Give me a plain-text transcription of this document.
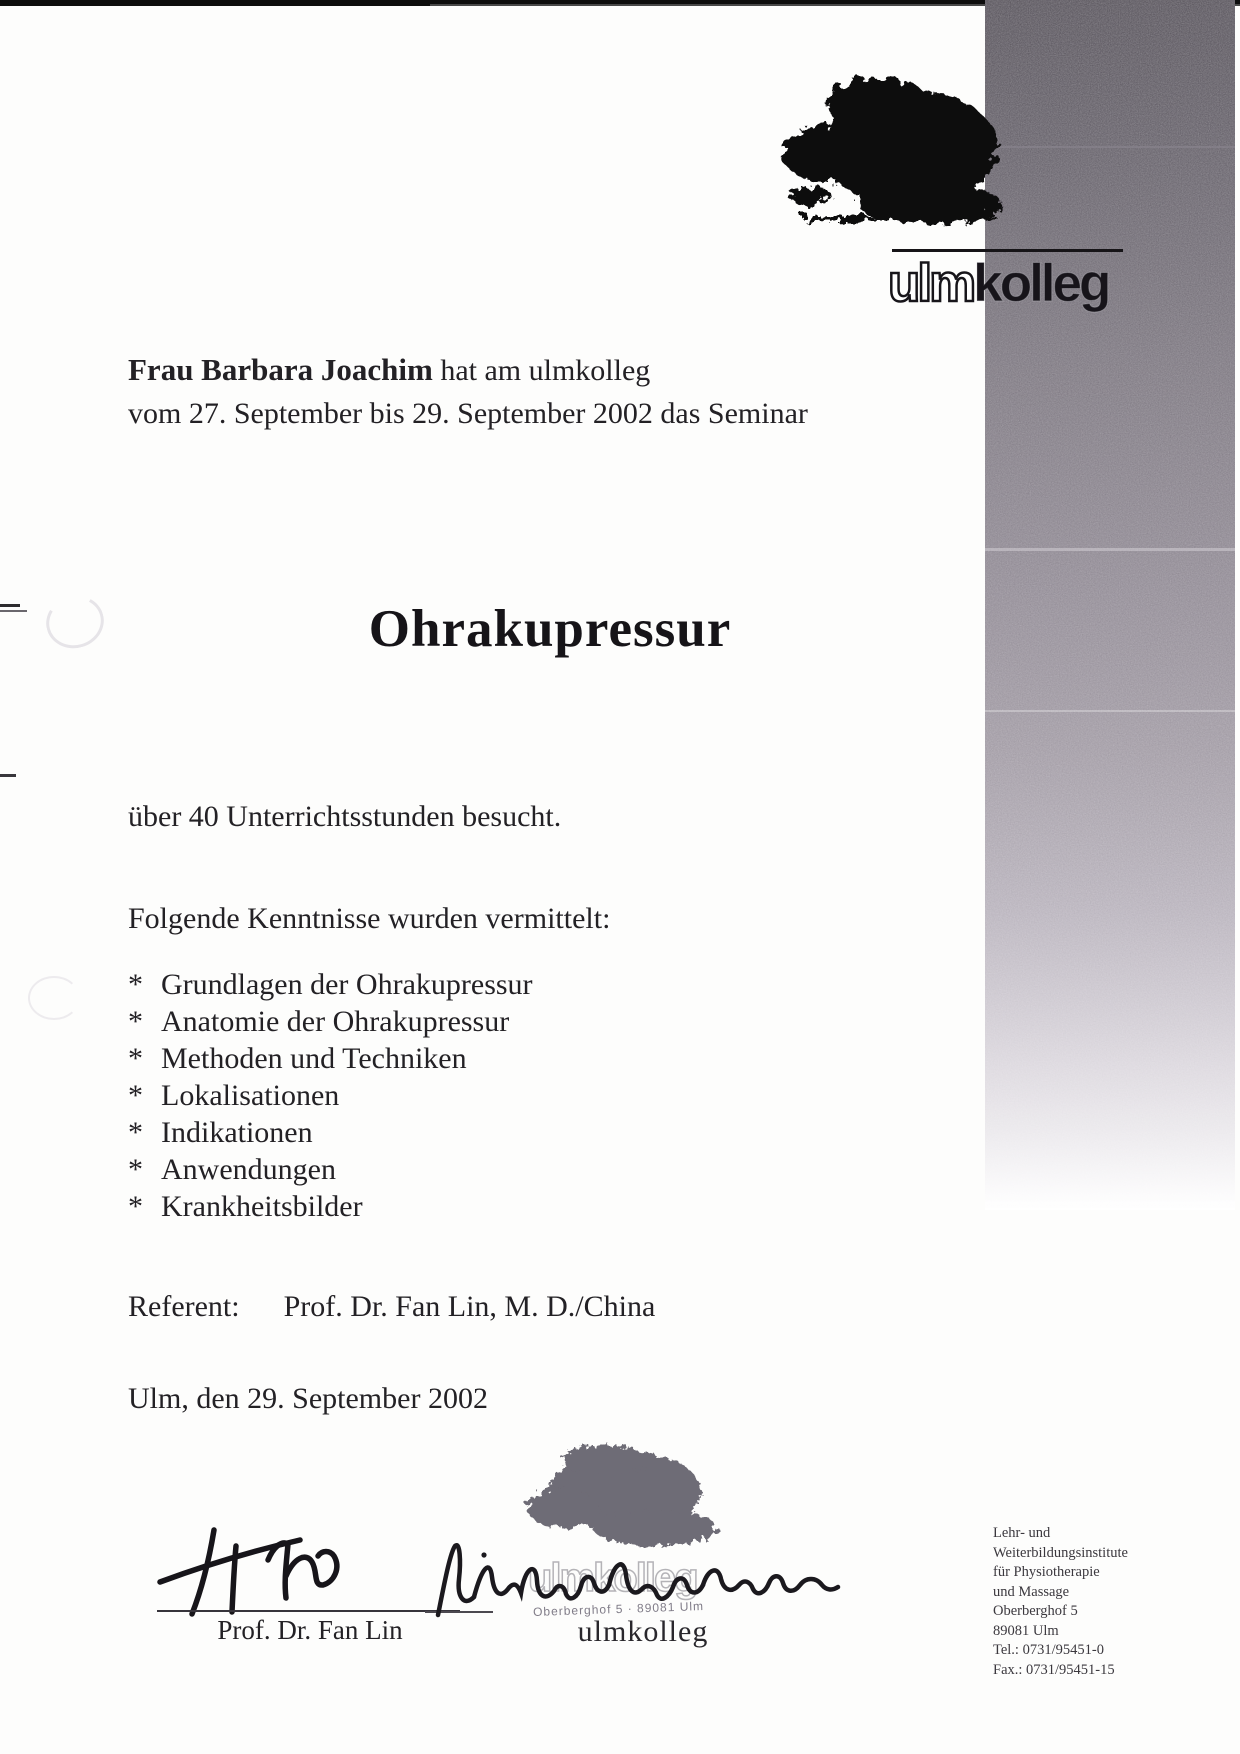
ulmkolleg
Frau Barbara Joachim hat am ulmkolleg
vom 27. September bis 29. September 2002 das Seminar
Ohrakupressur
über 40 Unterrichtsstunden besucht.
Folgende Kenntnisse wurden vermittelt:
* Grundlagen der Ohrakupressur
* Anatomie der Ohrakupressur
* Methoden und Techniken
* Lokalisationen
* Indikationen
* Anwendungen
* Krankheitsbilder
Referent: Prof. Dr. Fan Lin, M. D./China
Ulm, den 29. September 2002
Prof. Dr. Fan Lin
ulmkolleg
Oberberghof 5 · 89081 Ulm
ulmkolleg
Lehr- und
Weiterbildungsinstitute
für Physiotherapie
und Massage
Oberberghof 5
89081 Ulm
Tel.: 0731/95451-0
Fax.: 0731/95451-15
